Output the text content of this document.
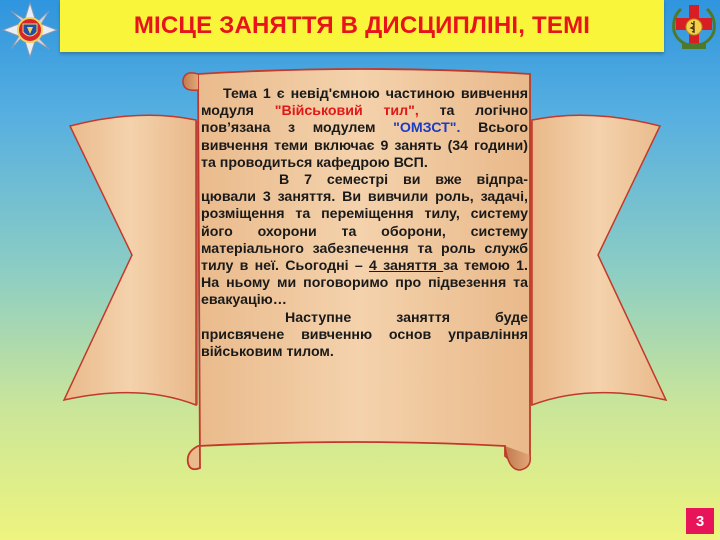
МІСЦЕ ЗАНЯТТЯ В ДИСЦИПЛІНІ, ТЕМІ

Тема 1 є невід'ємною частиною вивчення модуля "Військовий тил", та логічно пов’язана з модулем "ОМЗСТ". Всього вивчення теми включає 9 занять (34 години) та проводиться кафедрою ВСП.

В 7 семестрі ви вже відпра-цювали 3 заняття. Ви вивчили роль, задачі, розміщення та переміщення тилу, систему його охорони та оборони, систему матеріального забезпечення та роль служб тилу в неї. Сьогодні – 4 заняття за темою 1. На ньому ми поговоримо про підвезення та евакуацію…

Наступне заняття буде присвячене вивченню основ управління військовим тилом.

3
